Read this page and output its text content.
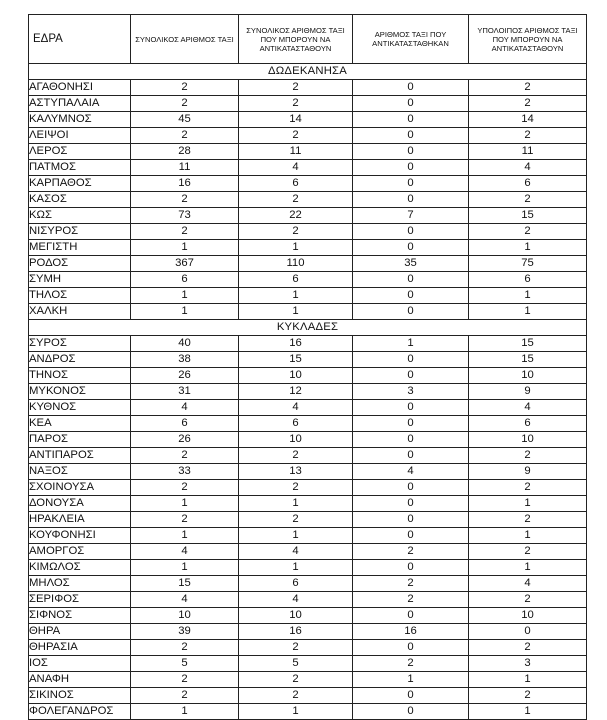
ΕΔΡΑ	ΣΥΝΟΛΙΚΟΣ ΑΡΙΘΜΟΣ ΤΑΞΙ	ΣΥΝΟΛΙΚΟΣ ΑΡΙΘΜΟΣ ΤΑΞΙ ΠΟΥ ΜΠΟΡΟΥΝ ΝΑ ΑΝΤΙΚΑΤΑΣΤΑΘΟΥΝ	ΑΡΙΘΜΟΣ ΤΑΞΙ ΠΟΥ ΑΝΤΙΚΑΤΑΣΤΑΘΗΚΑΝ	ΥΠΟΛΟΙΠΟΣ ΑΡΙΘΜΟΣ ΤΑΞΙ ΠΟΥ ΜΠΟΡΟΥΝ ΝΑ ΑΝΤΙΚΑΤΑΣΤΑΘΟΥΝ
ΔΩΔΕΚΑΝΗΣΑ				
ΑΓΑΘΟΝΗΣΙ	2	2	0	2
ΑΣΤΥΠΑΛΑΙΑ	2	2	0	2
ΚΑΛΥΜΝΟΣ	45	14	0	14
ΛΕΙΨΟΙ	2	2	0	2
ΛΕΡΟΣ	28	11	0	11
ΠΑΤΜΟΣ	11	4	0	4
ΚΑΡΠΑΘΟΣ	16	6	0	6
ΚΑΣΟΣ	2	2	0	2
ΚΩΣ	73	22	7	15
ΝΙΣΥΡΟΣ	2	2	0	2
ΜΕΓΙΣΤΗ	1	1	0	1
ΡΟΔΟΣ	367	110	35	75
ΣΥΜΗ	6	6	0	6
ΤΗΛΟΣ	1	1	0	1
ΧΑΛΚΗ	1	1	0	1
ΚΥΚΛΑΔΕΣ				
ΣΥΡΟΣ	40	16	1	15
ΑΝΔΡΟΣ	38	15	0	15
ΤΗΝΟΣ	26	10	0	10
ΜΥΚΟΝΟΣ	31	12	3	9
ΚΥΘΝΟΣ	4	4	0	4
ΚΕΑ	6	6	0	6
ΠΑΡΟΣ	26	10	0	10
ΑΝΤΙΠΑΡΟΣ	2	2	0	2
ΝΑΞΟΣ	33	13	4	9
ΣΧΟΙΝΟΥΣΑ	2	2	0	2
ΔΟΝΟΥΣΑ	1	1	0	1
ΗΡΑΚΛΕΙΑ	2	2	0	2
ΚΟΥΦΟΝΗΣΙ	1	1	0	1
ΑΜΟΡΓΟΣ	4	4	2	2
ΚΙΜΩΛΟΣ	1	1	0	1
ΜΗΛΟΣ	15	6	2	4
ΣΕΡΙΦΟΣ	4	4	2	2
ΣΙΦΝΟΣ	10	10	0	10
ΘΗΡΑ	39	16	16	0
ΘΗΡΑΣΙΑ	2	2	0	2
ΙΟΣ	5	5	2	3
ΑΝΑΦΗ	2	2	1	1
ΣΙΚΙΝΟΣ	2	2	0	2
ΦΟΛΕΓΑΝΔΡΟΣ	1	1	0	1
